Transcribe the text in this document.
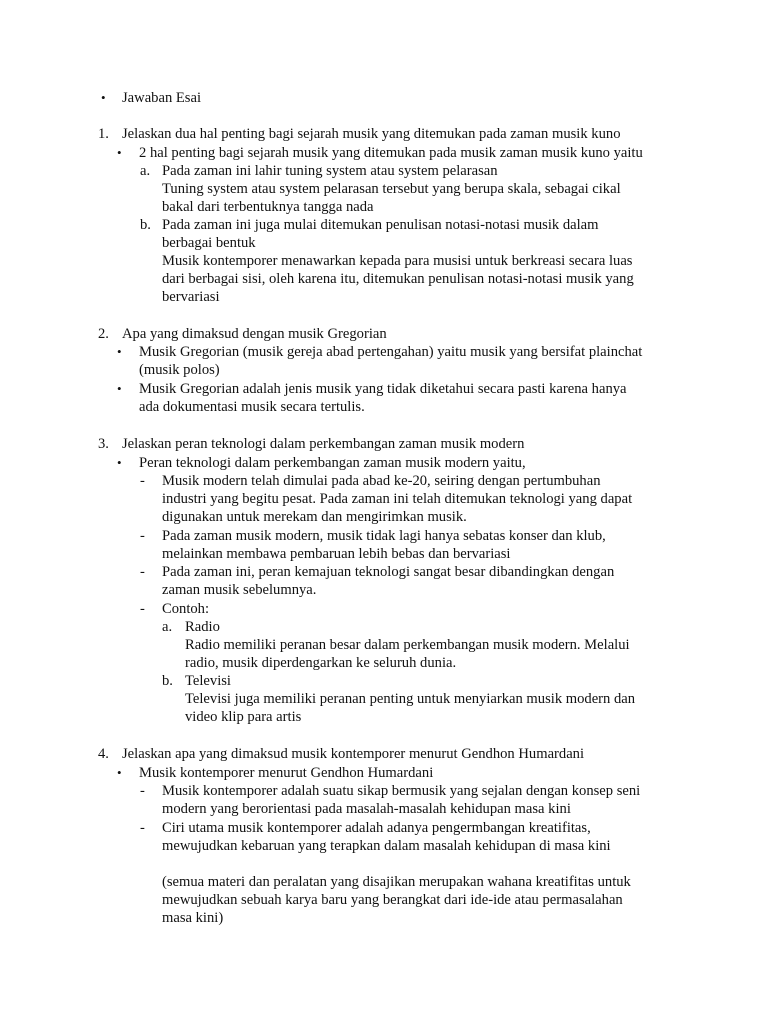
• Jawaban Esai
1. Jelaskan dua hal penting bagi sejarah musik yang ditemukan pada zaman musik kuno
• 2 hal penting bagi sejarah musik yang ditemukan pada musik zaman musik kuno yaitu
a. Pada zaman ini lahir tuning system atau system pelarasan
Tuning system atau system pelarasan tersebut yang berupa skala, sebagai cikal
bakal dari terbentuknya tangga nada
b. Pada zaman ini juga mulai ditemukan penulisan notasi-notasi musik dalam
berbagai bentuk
Musik kontemporer menawarkan kepada para musisi untuk berkreasi secara luas
dari berbagai sisi, oleh karena itu, ditemukan penulisan notasi-notasi musik yang
bervariasi
2. Apa yang dimaksud dengan musik Gregorian
• Musik Gregorian (musik gereja abad pertengahan) yaitu musik yang bersifat plainchat
(musik polos)
• Musik Gregorian adalah jenis musik yang tidak diketahui secara pasti karena hanya
ada dokumentasi musik secara tertulis.
3. Jelaskan peran teknologi dalam perkembangan zaman musik modern
• Peran teknologi dalam perkembangan zaman musik modern yaitu,
- Musik modern telah dimulai pada abad ke-20, seiring dengan pertumbuhan
industri yang begitu pesat. Pada zaman ini telah ditemukan teknologi yang dapat
digunakan untuk merekam dan mengirimkan musik.
- Pada zaman musik modern, musik tidak lagi hanya sebatas konser dan klub,
melainkan membawa pembaruan lebih bebas dan bervariasi
- Pada zaman ini, peran kemajuan teknologi sangat besar dibandingkan dengan
zaman musik sebelumnya.
- Contoh:
a. Radio
Radio memiliki peranan besar dalam perkembangan musik modern. Melalui
radio, musik diperdengarkan ke seluruh dunia.
b. Televisi
Televisi juga memiliki peranan penting untuk menyiarkan musik modern dan
video klip para artis
4. Jelaskan apa yang dimaksud musik kontemporer menurut Gendhon Humardani
• Musik kontemporer menurut Gendhon Humardani
- Musik kontemporer adalah suatu sikap bermusik yang sejalan dengan konsep seni
modern yang berorientasi pada masalah-masalah kehidupan masa kini
- Ciri utama musik kontemporer adalah adanya pengermbangan kreatifitas,
mewujudkan kebaruan yang terapkan dalam masalah kehidupan di masa kini
(semua materi dan peralatan yang disajikan merupakan wahana kreatifitas untuk
mewujudkan sebuah karya baru yang berangkat dari ide-ide atau permasalahan
masa kini)
